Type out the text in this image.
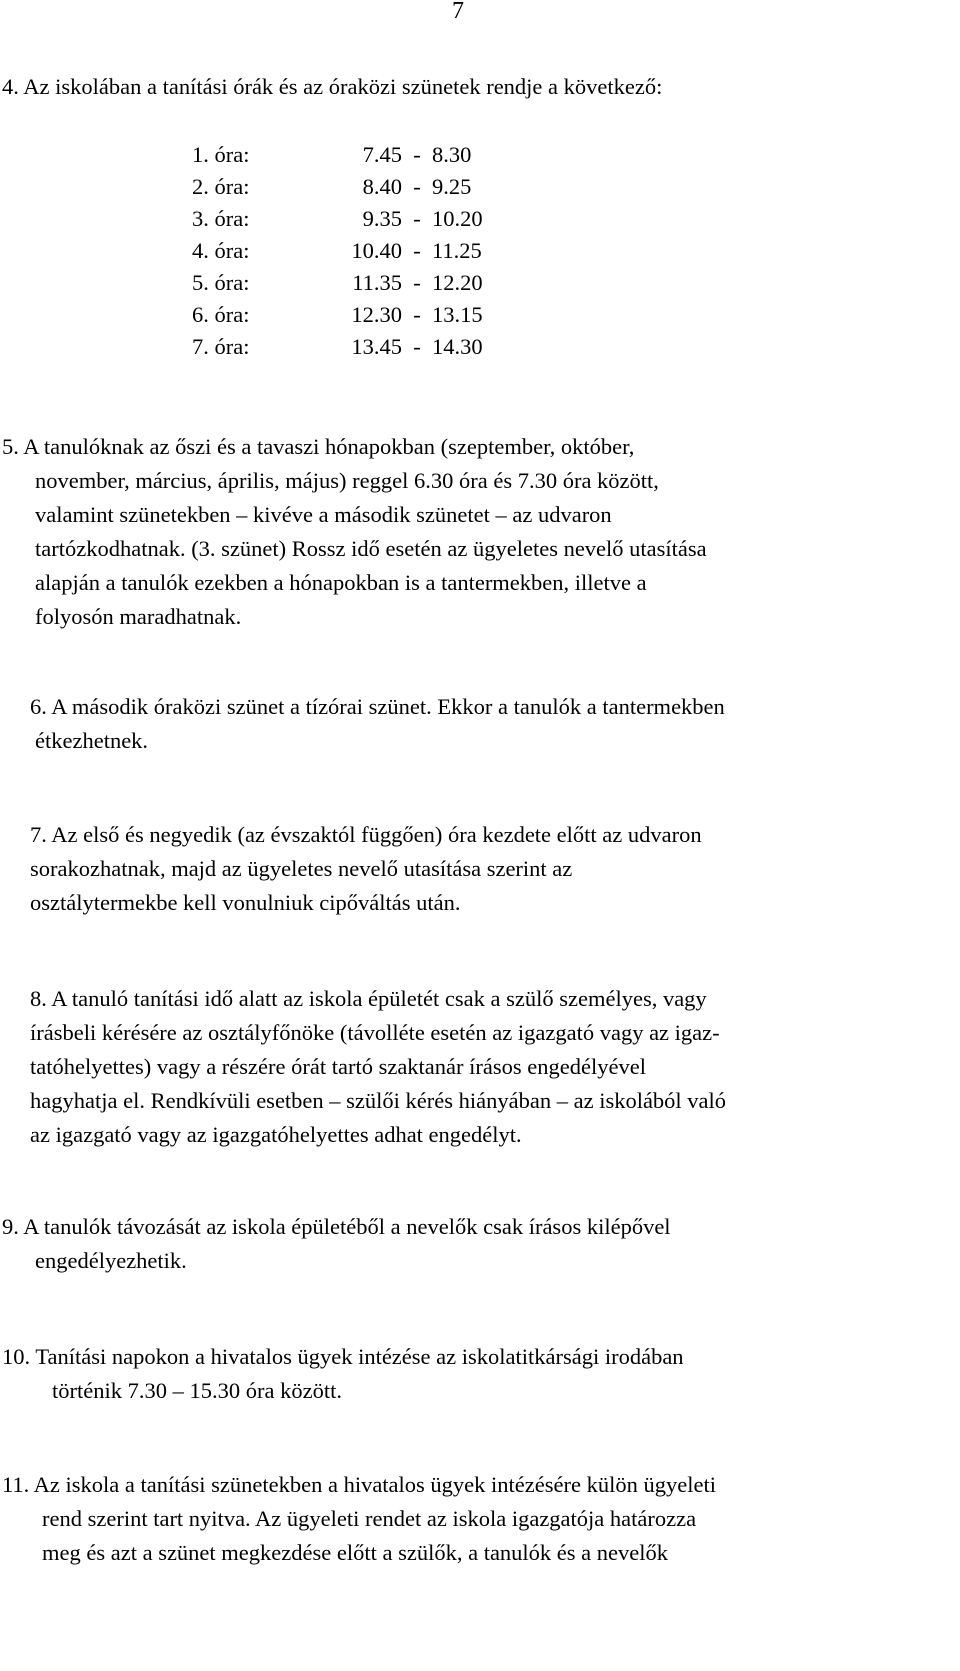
7
4. Az iskolában a tanítási órák és az óraközi szünetek rendje a következő:
1. óra:	7.45 - 8.30
2. óra:	8.40 - 9.25
3. óra:	9.35 - 10.20
4. óra:	10.40 - 11.25
5. óra:	11.35 - 12.20
6. óra:	12.30 - 13.15
7. óra:	13.45 - 14.30
5. A tanulóknak az őszi és a tavaszi hónapokban (szeptember, október,
november, március, április, május) reggel 6.30 óra és 7.30 óra között,
valamint szünetekben – kivéve a második szünetet – az udvaron
tartózkodhatnak. (3. szünet) Rossz idő esetén az ügyeletes nevelő utasítása
alapján a tanulók ezekben a hónapokban is a tantermekben, illetve a
folyosón maradhatnak.
6. A második óraközi szünet a tízórai szünet. Ekkor a tanulók a tantermekben
étkezhetnek.
7. Az első és negyedik (az évszaktól függően) óra kezdete előtt az udvaron
sorakozhatnak, majd az ügyeletes nevelő utasítása szerint az
osztálytermekbe kell vonulniuk cipőváltás után.
8. A tanuló tanítási idő alatt az iskola épületét csak a szülő személyes, vagy
írásbeli kérésére az osztályfőnöke (távolléte esetén az igazgató vagy az igaz-
tatóhelyettes) vagy a részére órát tartó szaktanár írásos engedélyével
hagyhatja el. Rendkívüli esetben – szülői kérés hiányában – az iskolából való
az igazgató vagy az igazgatóhelyettes adhat engedélyt.
9. A tanulók távozását az iskola épületéből a nevelők csak írásos kilépővel
engedélyezhetik.
10. Tanítási napokon a hivatalos ügyek intézése az iskolatitkársági irodában
történik 7.30 – 15.30 óra között.
11. Az iskola a tanítási szünetekben a hivatalos ügyek intézésére külön ügyeleti
rend szerint tart nyitva. Az ügyeleti rendet az iskola igazgatója határozza
meg és azt a szünet megkezdése előtt a szülők, a tanulók és a nevelők
